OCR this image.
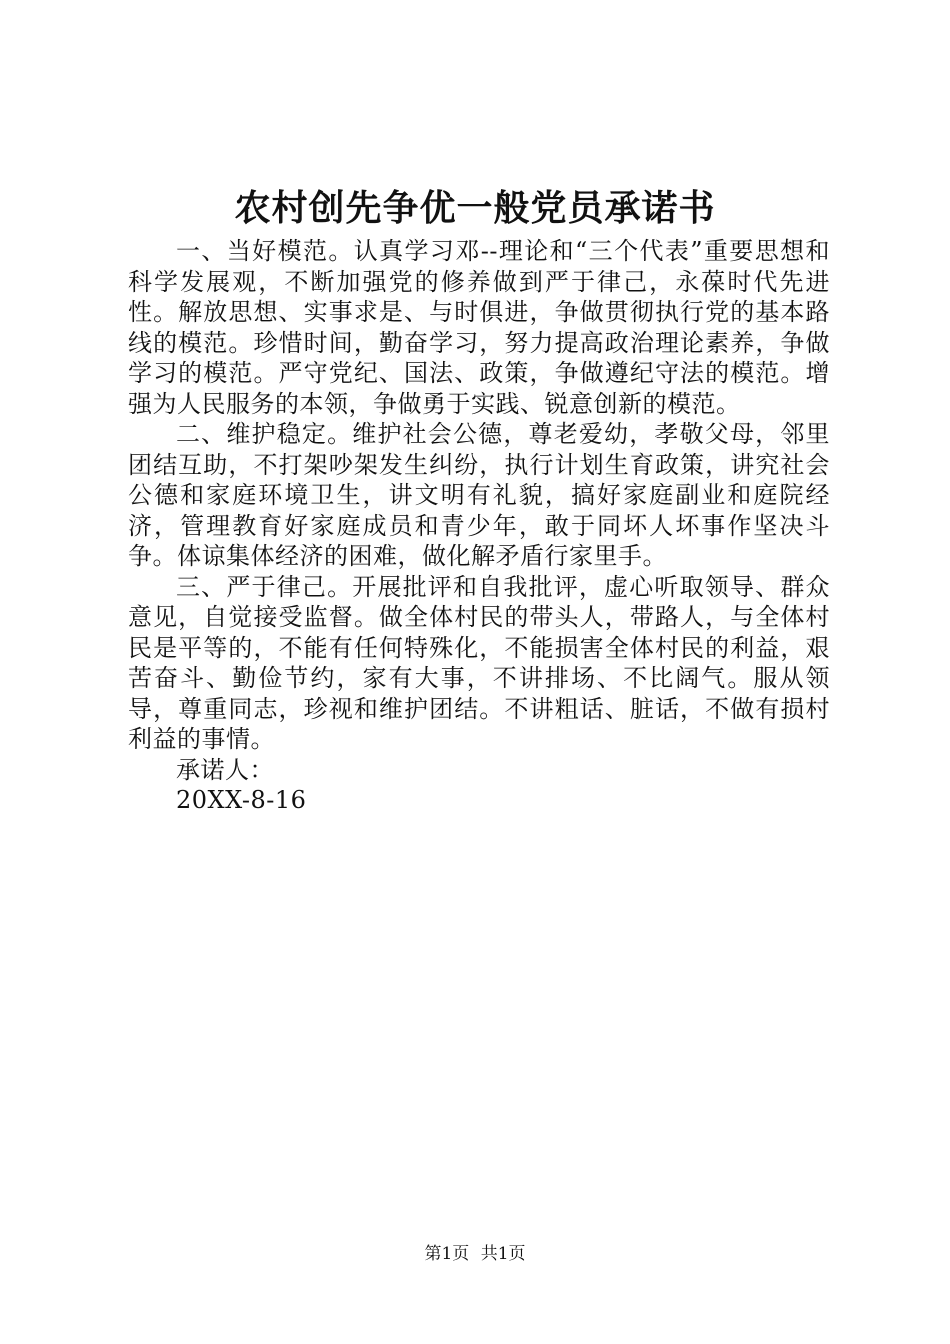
农村创先争优一般党员承诺书

一、当好模范。认真学习邓--理论和“三个代表”重要思想和科学发展观，不断加强党的修养做到严于律己，永葆时代先进性。解放思想、实事求是、与时俱进，争做贯彻执行党的基本路线的模范。珍惜时间，勤奋学习，努力提高政治理论素养，争做学习的模范。严守党纪、国法、政策，争做遵纪守法的模范。增强为人民服务的本领，争做勇于实践、锐意创新的模范。

二、维护稳定。维护社会公德，尊老爱幼，孝敬父母，邻里团结互助，不打架吵架发生纠纷，执行计划生育政策，讲究社会公德和家庭环境卫生，讲文明有礼貌，搞好家庭副业和庭院经济，管理教育好家庭成员和青少年，敢于同坏人坏事作坚决斗争。体谅集体经济的困难，做化解矛盾行家里手。

三、严于律己。开展批评和自我批评，虚心听取领导、群众意见，自觉接受监督。做全体村民的带头人，带路人，与全体村民是平等的，不能有任何特殊化，不能损害全体村民的利益，艰苦奋斗、勤俭节约，家有大事，不讲排场、不比阔气。服从领导，尊重同志，珍视和维护团结。不讲粗话、脏话，不做有损村利益的事情。

承诺人：

20XX-8-16

第1页 共1页
